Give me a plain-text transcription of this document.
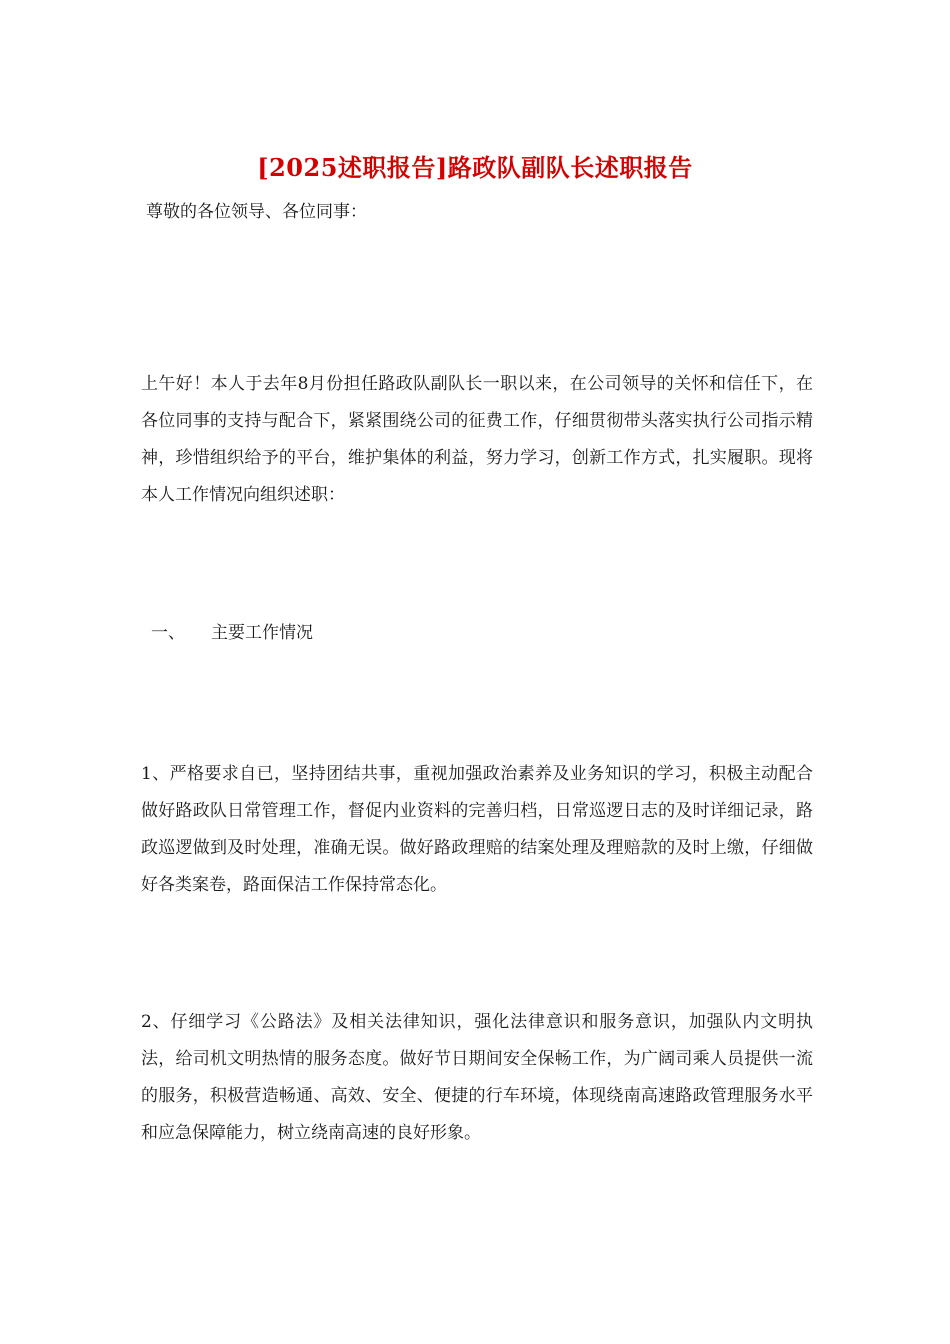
[2025述职报告]路政队副队长述职报告
尊敬的各位领导、各位同事：
上午好！本人于去年8月份担任路政队副队长一职以来，在公司领导的关怀和信任下，在各位同事的支持与配合下，紧紧围绕公司的征费工作，仔细贯彻带头落实执行公司指示精神，珍惜组织给予的平台，维护集体的利益，努力学习，创新工作方式，扎实履职。现将本人工作情况向组织述职：
一、 主要工作情况
1、严格要求自已，坚持团结共事，重视加强政治素养及业务知识的学习，积极主动配合做好路政队日常管理工作，督促内业资料的完善归档，日常巡逻日志的及时详细记录，路政巡逻做到及时处理，准确无误。做好路政理赔的结案处理及理赔款的及时上缴，仔细做好各类案卷，路面保洁工作保持常态化。
2、仔细学习《公路法》及相关法律知识，强化法律意识和服务意识，加强队内文明执法，给司机文明热情的服务态度。做好节日期间安全保畅工作，为广阔司乘人员提供一流的服务，积极营造畅通、高效、安全、便捷的行车环境，体现绕南高速路政管理服务水平和应急保障能力，树立绕南高速的良好形象。
